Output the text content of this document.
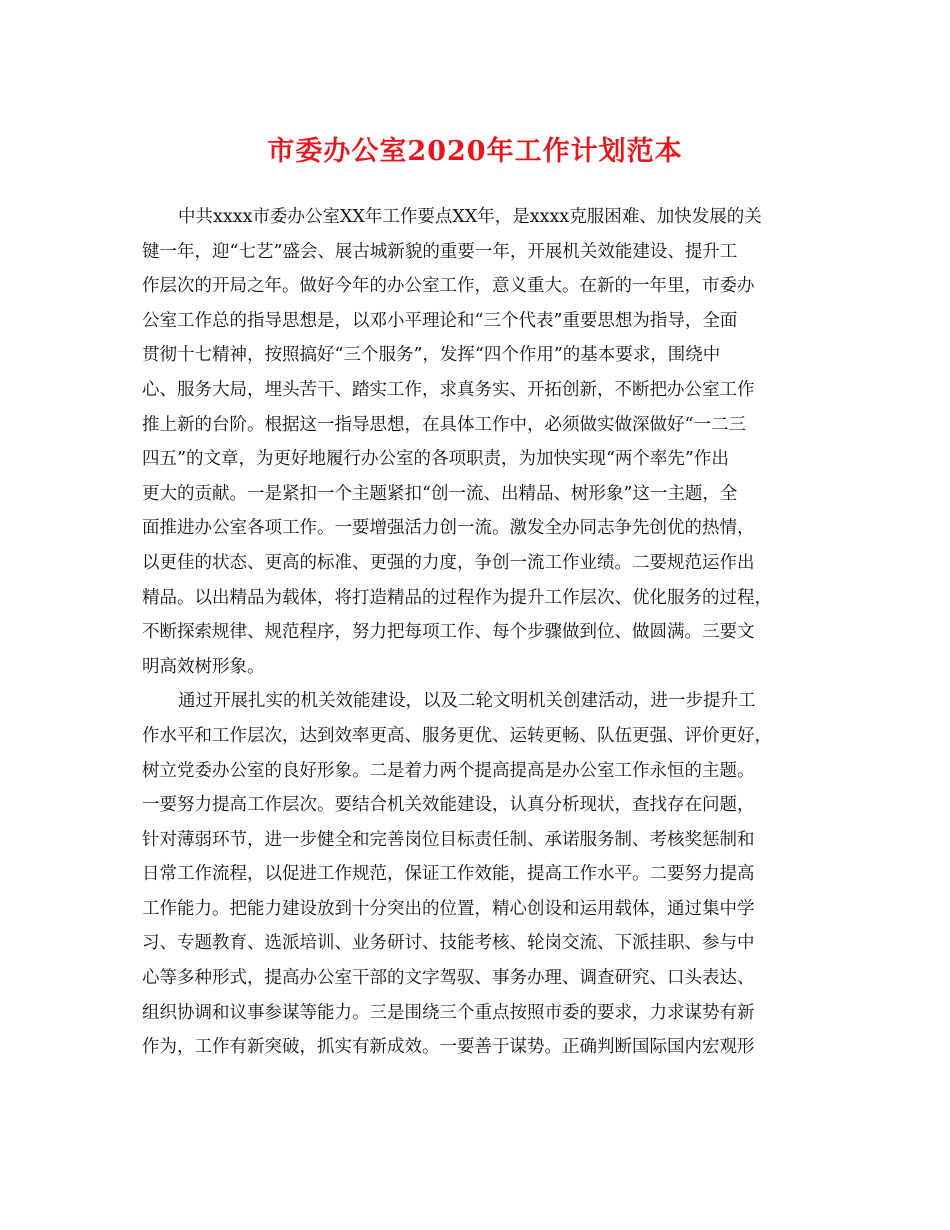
市委办公室2020年工作计划范本
中共xxxx市委办公室XX年工作要点XX年，是xxxx克服困难、加快发展的关
键一年，迎“七艺”盛会、展古城新貌的重要一年，开展机关效能建设、提升工
作层次的开局之年。做好今年的办公室工作，意义重大。在新的一年里，市委办
公室工作总的指导思想是，以邓小平理论和“三个代表”重要思想为指导，全面
贯彻十七精神，按照搞好“三个服务”，发挥“四个作用”的基本要求，围绕中
心、服务大局，埋头苦干、踏实工作，求真务实、开拓创新，不断把办公室工作
推上新的台阶。根据这一指导思想，在具体工作中，必须做实做深做好“一二三
四五”的文章，为更好地履行办公室的各项职责，为加快实现“两个率先”作出
更大的贡献。一是紧扣一个主题紧扣“创一流、出精品、树形象”这一主题，全
面推进办公室各项工作。一要增强活力创一流。激发全办同志争先创优的热情，
以更佳的状态、更高的标准、更强的力度，争创一流工作业绩。二要规范运作出
精品。以出精品为载体，将打造精品的过程作为提升工作层次、优化服务的过程，
不断探索规律、规范程序，努力把每项工作、每个步骤做到位、做圆满。三要文
明高效树形象。
通过开展扎实的机关效能建设，以及二轮文明机关创建活动，进一步提升工
作水平和工作层次，达到效率更高、服务更优、运转更畅、队伍更强、评价更好，
树立党委办公室的良好形象。二是着力两个提高提高是办公室工作永恒的主题。
一要努力提高工作层次。要结合机关效能建设，认真分析现状，查找存在问题，
针对薄弱环节，进一步健全和完善岗位目标责任制、承诺服务制、考核奖惩制和
日常工作流程，以促进工作规范，保证工作效能，提高工作水平。二要努力提高
工作能力。把能力建设放到十分突出的位置，精心创设和运用载体，通过集中学
习、专题教育、选派培训、业务研讨、技能考核、轮岗交流、下派挂职、参与中
心等多种形式，提高办公室干部的文字驾驭、事务办理、调查研究、口头表达、
组织协调和议事参谋等能力。三是围绕三个重点按照市委的要求，力求谋势有新
作为，工作有新突破，抓实有新成效。一要善于谋势。正确判断国际国内宏观形
